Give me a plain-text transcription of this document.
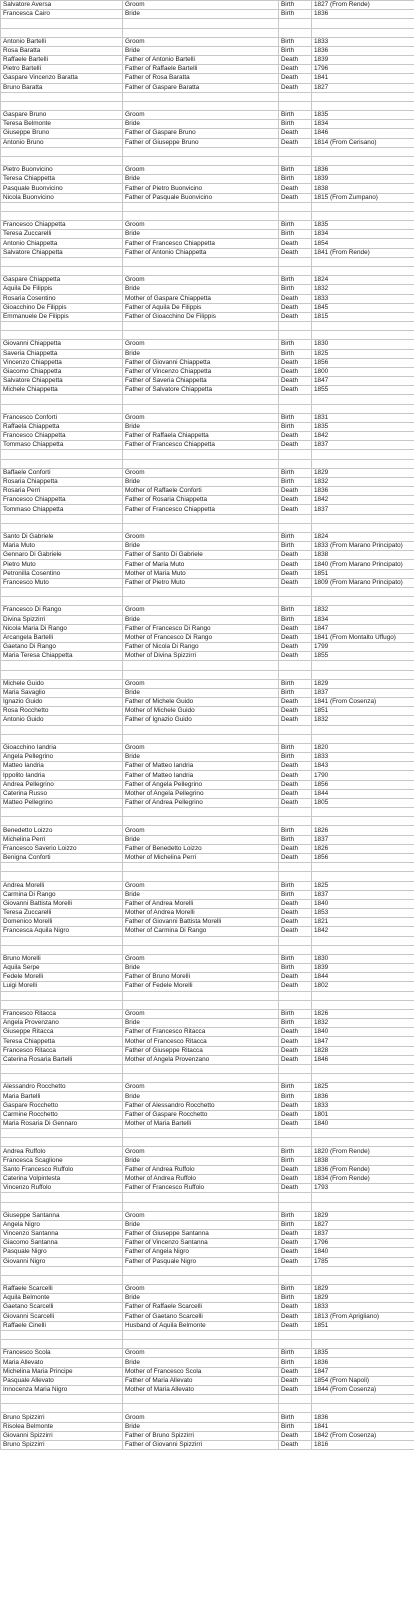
Salvatore Aversa	Groom	Birth	1827 (From Rende)
Francesca Cairo	Bride	Birth	1836

Antonio Bartelli	Groom	Birth	1833
Rosa Baratta	Bride	Birth	1836
Raffaele Bartelli	Father of Antonio Bartelli	Death	1839
Pietro Bartelli	Father of Raffaele Bartelli	Death	1796
Gaspare Vincenzo Baratta	Father of Rosa Baratta	Death	1841
Bruno Baratta	Father of Gaspare Baratta	Death	1827

Gaspare Bruno	Groom	Birth	1835
Teresa Belmonte	Bride	Birth	1834
Giuseppe Bruno	Father of Gaspare Bruno	Death	1846
Antonio Bruno	Father of Giuseppe Bruno	Death	1814 (From Cerisano)

Pietro Buonvicino	Groom	Birth	1836
Teresa Chiappetta	Bride	Birth	1839
Pasquale Buonvicino	Father of Pietro Buonvicino	Death	1838
Nicola Buonvicino	Father of Pasquale Buonvicino	Death	1815 (From Zumpano)

Francesco Chiappetta	Groom	Birth	1835
Teresa Zuccarelli	Bride	Birth	1834
Antonio Chiappetta	Father of Francesco Chiappetta	Death	1854
Salvatore Chiappetta	Father of Antonio Chiappetta	Death	1841 (From Rende)

Gaspare Chiappetta	Groom	Birth	1824
Aquila De Filippis	Bride	Birth	1832
Rosaria Cosentino	Mother of Gaspare Chiappetta	Death	1833
Gioacchino De Filippis	Father of Aquila De Filippis	Death	1845
Emmanuele De Filippis	Father of Gioacchino De Filippis	Death	1815

Giovanni Chiappetta	Groom	Birth	1830
Saveria Chiappetta	Bride	Birth	1825
Vincenzo Chiappetta	Father of Giovanni Chiappetta	Death	1856
Giacomo Chiappetta	Father of Vincenzo Chiappetta	Death	1800
Salvatore Chiappetta	Father of Saveria Chiappetta	Death	1847
Michele Chiappetta	Father of Salvatore Chiappetta	Death	1855

Francesco Conforti	Groom	Birth	1831
Raffaela Chiappetta	Bride	Birth	1835
Francesco Chiappetta	Father of Raffaela Chiappetta	Death	1842
Tommaso Chiappetta	Father of Francesco Chiappetta	Death	1837

Baffaele Conforti	Groom	Birth	1829
Rosaria Chiappetta	Bride	Birth	1832
Rosaria Perri	Mother of Raffaele Conforti	Death	1836
Francesco Chiappetta	Father of Rosaria Chiappetta	Death	1842
Tommaso Chiappetta	Father of Francesco Chiappetta	Death	1837

Santo Di Gabriele	Groom	Birth	1824
Maria Muto	Bride	Birth	1833 (From Marano Principato)
Gennaro Di Gabriele	Father of Santo Di Gabriele	Death	1838
Pietro Muto	Father of Maria Muto	Death	1840 (From Marano Principato)
Petronilla Cosentino	Mother of Maria Muto	Death	1851
Francesco Muto	Father of Pietro Muto	Death	1809 (From Marano Principato)

Francesco Di Rango	Groom	Birth	1832
Divina Spizzirri	Bride	Birth	1834
Nicola Maria Di Rango	Father of Francesco Di Rango	Death	1847
Arcangela Bartelli	Mother of Francesco Di Rango	Death	1841 (From Montalto Uffugo)
Gaetano Di Rango	Father of Nicola Di Rango	Death	1799
Maria Teresa Chiappetta	Mother of Divina Spizzirri	Death	1855

Michele Guido	Groom	Birth	1829
Maria Savaglio	Bride	Birth	1837
Ignazio Guido	Father of Michele Guido	Death	1841 (From Cosenza)
Rosa Rocchetto	Mother of Michele Guido	Death	1851
Antonio Guido	Father of Ignazio Guido	Death	1832

Gioacchino Iandria	Groom	Birth	1820
Angela Pellegrino	Bride	Birth	1833
Matteo Iandria	Father of Matteo Iandria	Death	1843
Ippolito Iandria	Father of Matteo Iandria	Death	1790
Andrea Pellegrino	Father of Angela Pellegrino	Death	1856
Caterina Russo	Mother of Angela Pellegrino	Death	1844
Matteo Pellegrino	Father of Andrea Pellegrino	Death	1805

Benedetto Loizzo	Groom	Birth	1826
Michelina Perri	Bride	Birth	1837
Francesco Saverio Loizzo	Father of Benedetto Loizzo	Death	1826
Benigna Conforti	Mother of Michelina Perri	Death	1856

Andrea Morelli	Groom	Birth	1825
Carmina Di Rango	Bride	Birth	1837
Giovanni Battista Morelli	Father of Andrea Morelli	Death	1840
Teresa Zuccarelli	Mother of Andrea Morelli	Death	1853
Domenico Morelli	Father of Giovanni Battista Morelli	Death	1821
Francesca Aquila Nigro	Mother of Carmina Di Rango	Death	1842

Bruno Morelli	Groom	Birth	1830
Aquila Serpe	Bride	Birth	1839
Fedele Morelli	Father of Bruno Morelli	Death	1844
Luigi Morelli	Father of Fedele Morelli	Death	1802

Francesco Ritacca	Groom	Birth	1826
Angela Provenzano	Bride	Birth	1832
Giuseppe Ritacca	Father of Francesco Ritacca	Death	1840
Teresa Chiappetta	Mother of Francesco Ritacca	Death	1847
Francesco Ritacca	Father of Giuseppe Ritacca	Death	1828
Caterina Rosaria Bartelli	Mother of Angela Provenzano	Death	1846

Alessandro Rocchetto	Groom	Birth	1825
Maria Bartelli	Bride	Birth	1836
Gaspare Rocchetto	Father of Alessandro Rocchetto	Death	1833
Carmine Rocchetto	Father of Gaspare Rocchetto	Death	1801
Maria Rosaria Di Gennaro	Mother of Maria Bartelli	Death	1840

Andrea Ruffolo	Groom	Birth	1820 (From Rende)
Francesca Scaglione	Bride	Birth	1838
Santo Francesco Ruffolo	Father of Andrea Ruffolo	Death	1836 (From Rende)
Caterina Volpintesta	Mother of Andrea Ruffolo	Death	1834 (From Rende)
Vincenzo Ruffolo	Father of Francesco Ruffolo	Death	1793

Giuseppe Santanna	Groom	Birth	1829
Angela Nigro	Bride	Birth	1827
Vincenzo Santanna	Father of Giuseppe Santanna	Death	1837
Giacomo Santanna	Father of Vincenzo Santanna	Death	1796
Pasquale Nigro	Father of Angela Nigro	Death	1840
Giovanni Nigro	Father of Pasquale Nigro	Death	1785

Raffaele Scarcelli	Groom	Birth	1829
Aquila Belmonte	Bride	Birth	1829
Gaetano Scarcelli	Father of Raffaele Scarcelli	Death	1833
Giovanni Scarcelli	Father of Gaetano Scarcelli	Death	1813 (From Aprigliano)
Raffaele Cinelli	Husband of Aquila Belmonte	Death	1851

Francesco Scola	Groom	Birth	1835
Maria Allevato	Bride	Birth	1836
Michelina Maria Principe	Mother of Francesco Scola	Death	1847
Pasquale Allevato	Father of Maria Allevato	Death	1854 (From Napoli)
Innocenza Maria Nigro	Mother of Maria Allevato	Death	1844 (From Cosenza)

Bruno Spizzirri	Groom	Birth	1836
Risolea Belmonte	Bride	Birth	1841
Giovanni Spizzirri	Father of Bruno Spizzirri	Death	1842 (From Cosenza)
Bruno Spizzirri	Father of Giovanni Spizzirri	Death	1816
